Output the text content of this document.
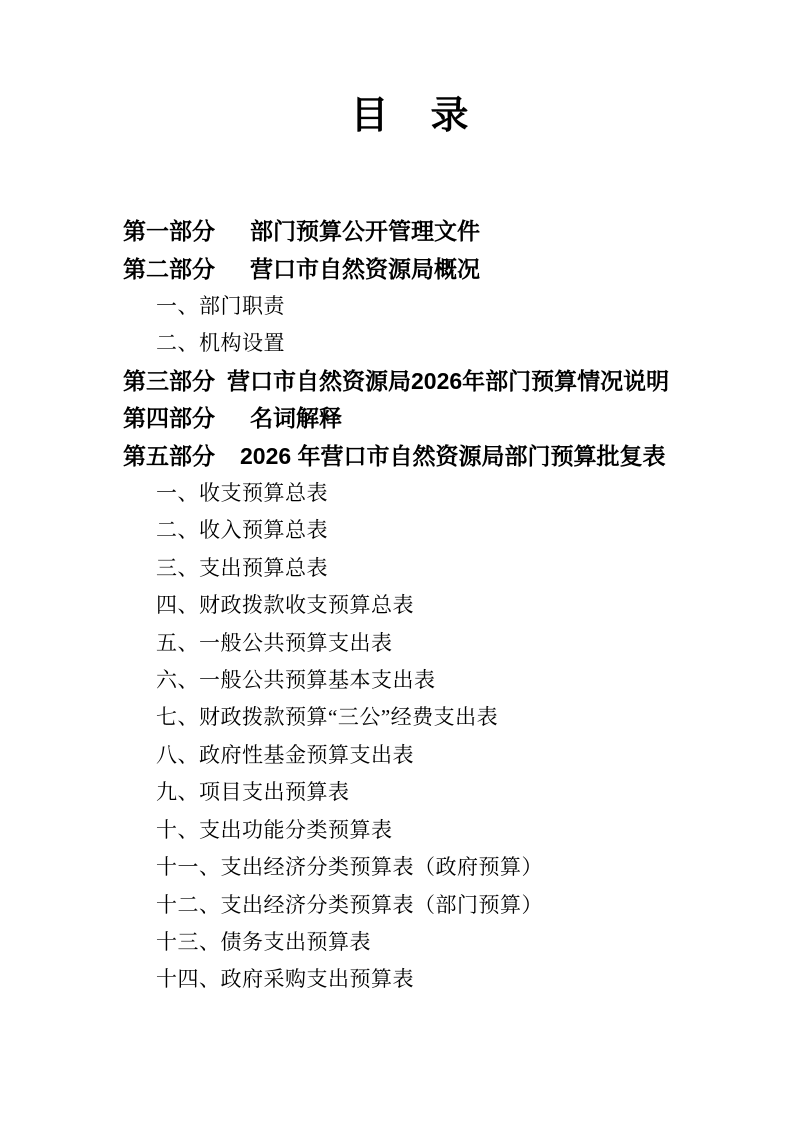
目　录
第一部分 部门预算公开管理文件
第二部分 营口市自然资源局概况
一、部门职责
二、机构设置
第三部分 营口市自然资源局2026年部门预算情况说明
第四部分 名词解释
第五部分 2026 年营口市自然资源局部门预算批复表
一、收支预算总表
二、收入预算总表
三、支出预算总表
四、财政拨款收支预算总表
五、一般公共预算支出表
六、一般公共预算基本支出表
七、财政拨款预算“三公”经费支出表
八、政府性基金预算支出表
九、项目支出预算表
十、支出功能分类预算表
十一、支出经济分类预算表（政府预算）
十二、支出经济分类预算表（部门预算）
十三、债务支出预算表
十四、政府采购支出预算表
